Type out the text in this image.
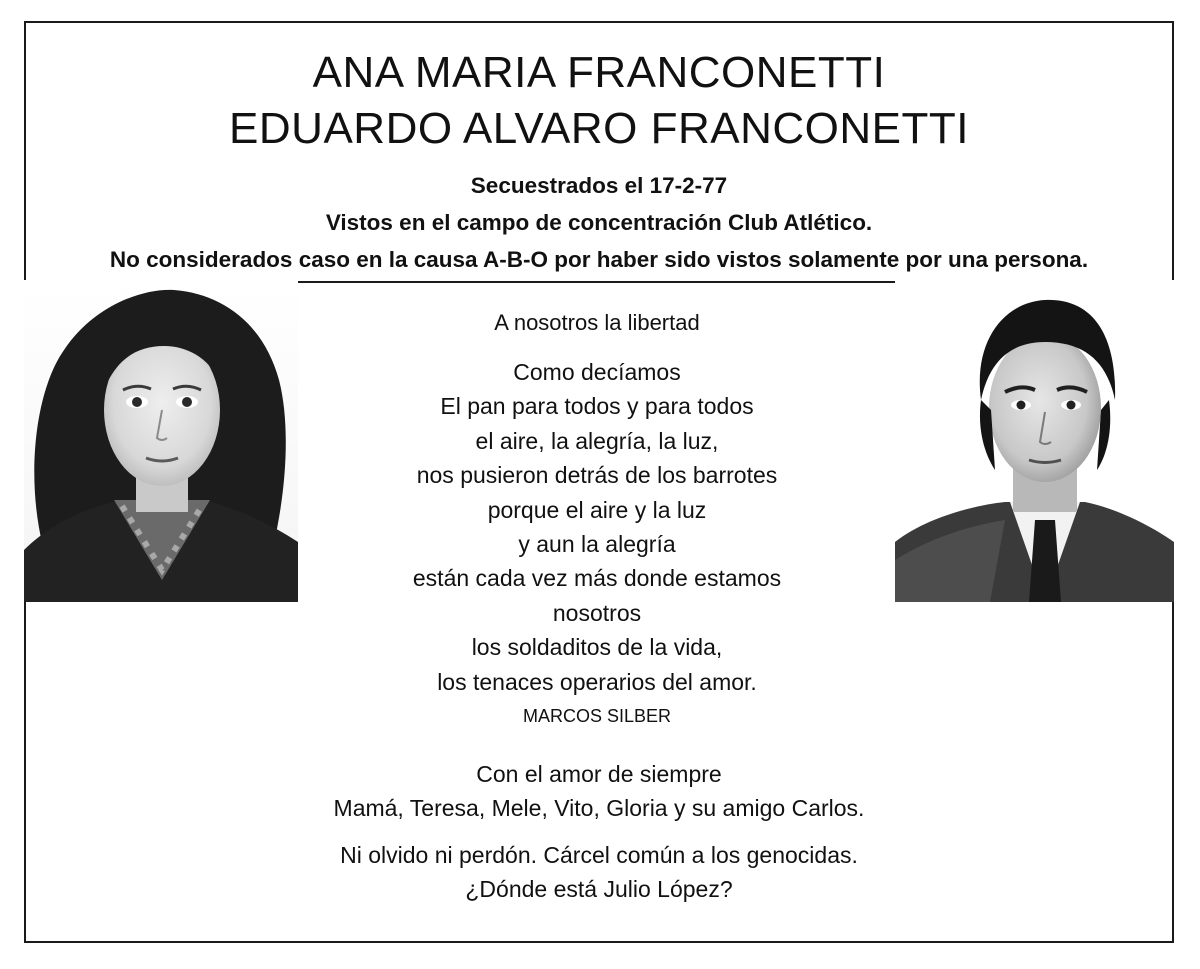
ANA MARIA FRANCONETTI
EDUARDO ALVARO FRANCONETTI
Secuestrados el 17-2-77
Vistos en el campo de concentración Club Atlético.
No considerados caso en la causa A-B-O por haber sido vistos solamente por una persona.
A nosotros la libertad
Como decíamos
El pan para todos y para todos
el aire, la alegría, la luz,
nos pusieron detrás de los barrotes
porque el aire y la luz
y aun la alegría
están cada vez más donde estamos
nosotros
los soldaditos de la vida,
los tenaces operarios del amor.
MARCOS SILBER
Con el amor de siempre
Mamá, Teresa, Mele, Vito, Gloria y su amigo Carlos.
Ni olvido ni perdón. Cárcel común a los genocidas.
¿Dónde está Julio López?
